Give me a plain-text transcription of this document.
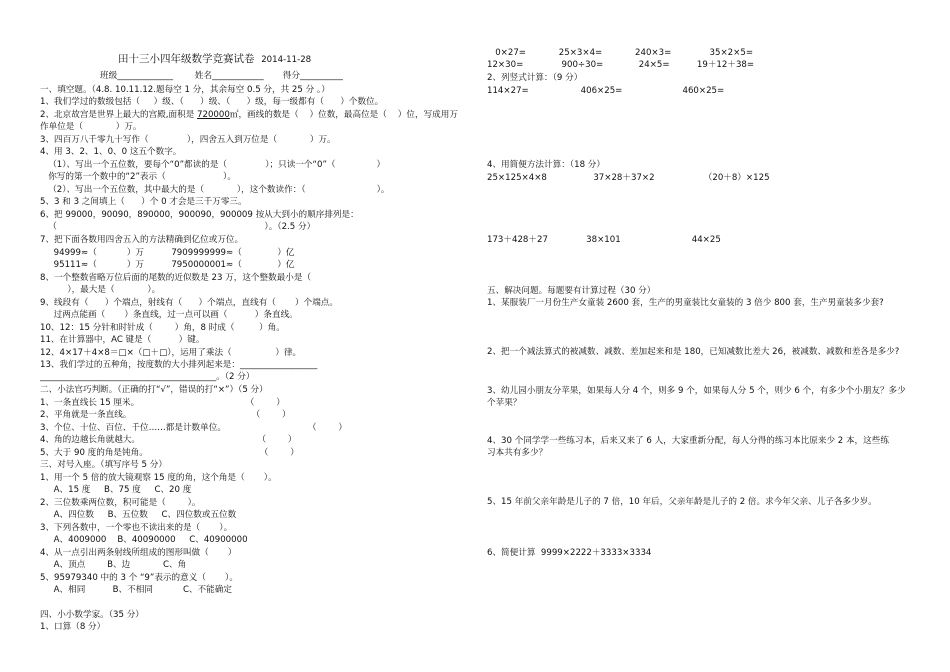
田十三小四年级数学竞赛试卷 2014-11-28
班级_____________        姓名____________       得分__________
一、填空题。（4.8. 10.11.12.题每空 1 分，其余每空 0.5 分，共 25 分 。）
1、我们学过的数级包括（     ）级、（      ）级、（      ）级，每一级都有（      ）个数位。
2、北京故宫是世界上最大的宫殿,面积是 720000㎡，画线的数是（    ）位数，最高位是（    ）位，写成用万
作单位是（            ）万。
3、四百万八千零九十写作（              ），四舍五入到万位是（            ）万。
4、用 3、2、1、0、0 这五个数字。
（1）、写出一个五位数，要每个“0”都读的是（              ）；只读一个“0”（               ）
你写的第一个数中的“2”表示（                     ）。
（2）、写出一个五位数，其中最大的是（            ），这个数读作：（                          ）。
5、3 和 3 之间填上（      ）个 0 才会是三千万零三。
6、把 99000，90090，890000，900090，900009 按从大到小的顺序排列是：
（                                                                            ）。（2.5 分）
7、把下面各数用四舍五入的方法精确到亿位或万位。
94999≈（           ）万          7909999999≈（             ）亿
95111≈（           ）万          7950000001≈（             ）亿
8、一个整数省略万位后面的尾数的近似数是 23 万，这个整数最小是（
），最大是（            ）。
9、线段有（      ）个端点，射线有（      ）个端点，直线有（       ）个端点。
过两点能画（       ）条直线，过一点可以画（          ）条直线。
10、12：15 分针和时针成（        ）角，8 时成（         ）角。
11、在计算器中，AC 键是（          ）键。
12、4×17＋4×8＝□×（□＋□），运用了乘法（                ）律。
13、我们学过的五种角，按度数的大小排列起来是：__________________
_________________________________________。（2 分）
二、小法官巧判断。（正确的打“√”，错误的打“×”）（5 分）
1、一条直线长 15 厘米。                                       （        ）
2、平角就是一条直线。                                            （        ）
3、个位、十位、百位、千位……都是计数单位。                              （        ）
4、角的边越长角就越大。                                           （        ）
5、大于 90 度的角是钝角。                                         （        ）
三、对号入座。（填写序号 5 分）
1、用一个 5 倍的放大镜观察 15 度的角，这个角是（       ）。
A、15 度     B、75 度     C、20 度
2、三位数乘两位数，积可能是（        ）。
A、四位数     B、五位数     C、四位数或五位数
3、下列各数中，一个零也不读出来的是（       ）。
A、4009000    B、40090000     C、40900000
4、从一点引出两条射线所组成的图形叫做（       ）
A、顶点        B、边            C、角
5、95979340 中的 3 个 “9”表示的意义（       ）。
A、相同          B、不相同           C、不能确定
四、小小数学家。（35 分）
1、口算（8 分）
0×27=            25×3×4=            240×3=              35×2×5=
12×30=              900÷30=             24×5=          19＋12＋38=
2、列竖式计算：（9 分）
114×27=                   406×25=                      460×25=
4、用简便方法计算：（18 分）
25×125×4×8                 37×28＋37×2                  （20＋8）×125
173＋428＋27              38×101                          44×25
五、解决问题。每题要有计算过程（30 分）
1、某服装厂一月份生产女童装 2600 套，生产的男童装比女童装的 3 倍少 800 套，生产男童装多少套?
2、把一个减法算式的被减数、减数、差加起来和是 180，已知减数比差大 26，被减数、减数和差各是多少?
3、幼儿园小朋友分苹果，如果每人分 4 个，则多 9 个，如果每人分 5 个，则少 6 个，有多少个小朋友？多少
个苹果？
4、30 个同学学一些练习本，后来又来了 6 人，大家重新分配，每人分得的练习本比原来少 2 本，这些练
习本共有多少？
5、15 年前父亲年龄是儿子的 7 倍，10 年后，父亲年龄是儿子的 2 倍。求今年父亲、儿子各多少岁。
6、简便计算  9999×2222＋3333×3334
